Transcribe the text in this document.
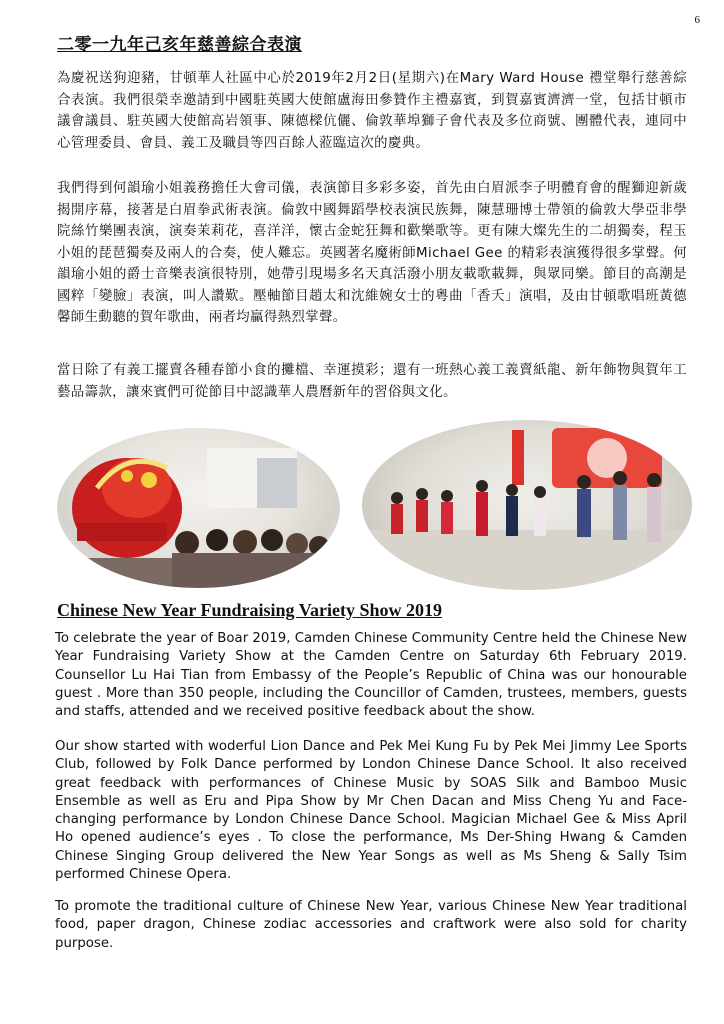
6
二零一九年己亥年慈善綜合表演

為慶祝送狗迎豬，甘頓華人社區中心於2019年2月2日(星期六)在Mary Ward House 禮堂舉行慈善綜合表演。我們很榮幸邀請到中國駐英國大使館盧海田參贊作主禮嘉賓，到賀嘉賓濟濟一堂，包括甘頓市議會議員、駐英國大使館高岩領事、陳德樑伉儷、倫敦華埠獅子會代表及多位商號、團體代表，連同中心管理委員、會員、義工及職員等四百餘人蒞臨這次的慶典。

我們得到何韻瑜小姐義務擔任大會司儀，表演節目多彩多姿，首先由白眉派李子明體育會的醒獅迎新歲揭開序幕，接著是白眉拳武術表演。倫敦中國舞蹈學校表演民族舞，陳慧珊博士帶領的倫敦大學亞非學院絲竹樂團表演，演奏茉莉花，喜洋洋，懷古金蛇狂舞和歡樂歌等。更有陳大燦先生的二胡獨奏，程玉小姐的琵琶獨奏及兩人的合奏，使人難忘。英國著名魔術師Michael Gee 的精彩表演獲得很多掌聲。何韻瑜小姐的爵士音樂表演很特別，她帶引現場多名天真活潑小朋友載歌載舞，與眾同樂。節目的高潮是國粹「變臉」表演，叫人讚歎。壓軸節目趙太和沈維婉女士的粵曲「香夭」演唱，及由甘頓歌唱班黃德馨師生動聽的賀年歌曲，兩者均贏得熱烈掌聲。

當日除了有義工擺賣各種春節小食的攤檔、幸運摸彩；還有一班熱心義工義賣紙龍、新年飾物與賀年工藝品籌款，讓來賓們可從節目中認識華人農曆新年的習俗與文化。

Chinese New Year Fundraising Variety Show 2019

To celebrate the year of Boar 2019, Camden Chinese Community Centre held the Chinese New Year Fundraising Variety Show at the Camden Centre on Saturday 6th February 2019. Counsellor Lu Hai Tian from Embassy of the People’s Republic of China was our honourable guest . More than 350 people, including the Councillor of Camden, trustees, members, guests and staffs, attended and we received positive feedback about the show.

Our show started with woderful Lion Dance and Pek Mei Kung Fu by Pek Mei Jimmy Lee Sports Club, followed by Folk Dance performed by London Chinese Dance School. It also received great feedback with performances of Chinese Music by SOAS Silk and Bamboo Music Ensemble as well as Eru and Pipa Show by Mr Chen Dacan and Miss Cheng Yu and Face-changing performance by London Chinese Dance School. Magician Michael Gee & Miss April Ho opened audience’s eyes . To close the performance, Ms Der-Shing Hwang & Camden Chinese Singing Group delivered the New Year Songs as well as Ms Sheng & Sally Tsim performed Chinese Opera.

To promote the traditional culture of Chinese New Year, various Chinese New Year traditional food, paper dragon, Chinese zodiac accessories and craftwork were also sold for charity purpose.
